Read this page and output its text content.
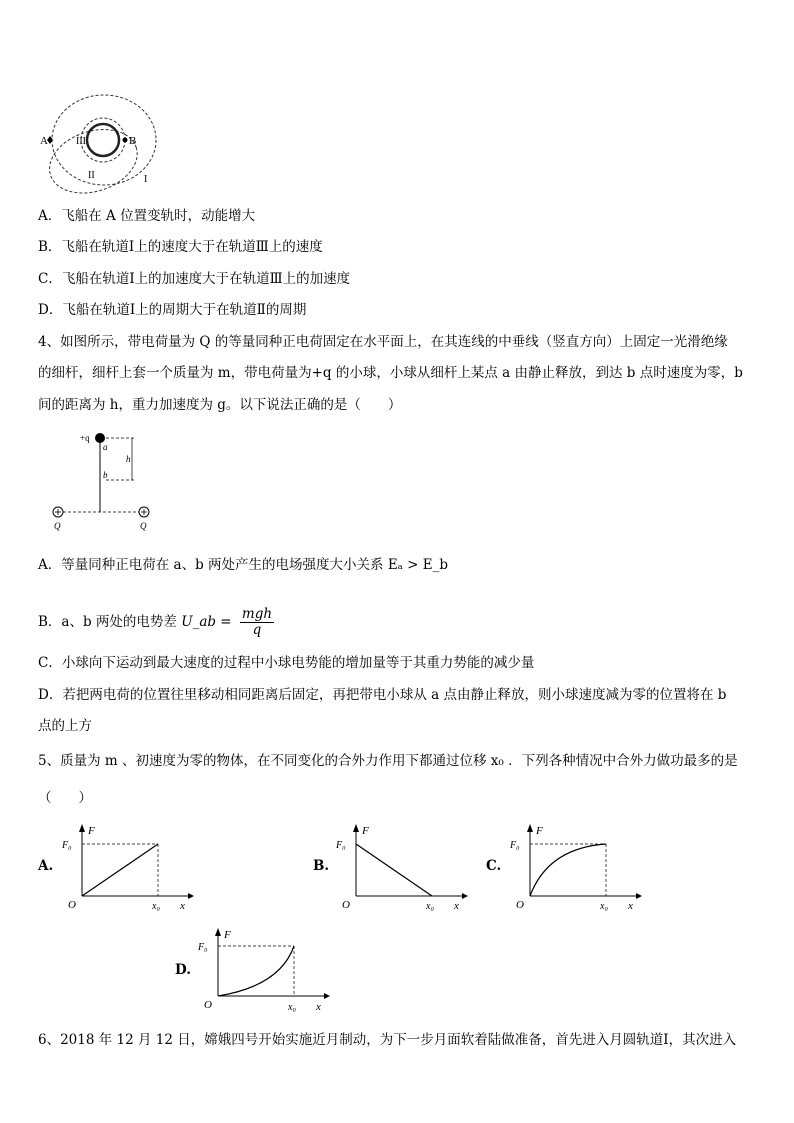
A	B
III
II	I
A．飞船在 A 位置变轨时，动能增大
B．飞船在轨道Ⅰ上的速度大于在轨道Ⅲ上的速度
C．飞船在轨道Ⅰ上的加速度大于在轨道Ⅲ上的加速度
D．飞船在轨道Ⅰ上的周期大于在轨道Ⅱ的周期
4、如图所示，带电荷量为 Q 的等量同种正电荷固定在水平面上，在其连线的中垂线（竖直方向）上固定一光滑绝缘
的细杆，细杆上套一个质量为 m，带电荷量为+q 的小球，小球从细杆上某点 a 由静止释放，到达 b 点时速度为零，b
间的距离为 h，重力加速度为 g。以下说法正确的是（　　）
+q
a
b
h
Q	Q
A．等量同种正电荷在 a、b 两处产生的电场强度大小关系 Eₐ > E_b
B．a、b 两处的电势差 U_ab = mgh
q
C．小球向下运动到最大速度的过程中小球电势能的增加量等于其重力势能的减少量
D．若把两电荷的位置往里移动相同距离后固定，再把带电小球从 a 点由静止释放，则小球速度减为零的位置将在 b
点的上方
5、质量为 m 、初速度为零的物体，在不同变化的合外力作用下都通过位移 x₀ ．下列各种情况中合外力做功最多的是
（　　）
A.
F
F₀
O	x₀ x
B.
F
F₀
O	x₀ x
C.
F
F₀
O	x₀ x
D.
F
F₀
O	x₀ x
6、2018 年 12 月 12 日，嫦娥四号开始实施近月制动，为下一步月面软着陆做准备，首先进入月圆轨道Ⅰ，其次进入
